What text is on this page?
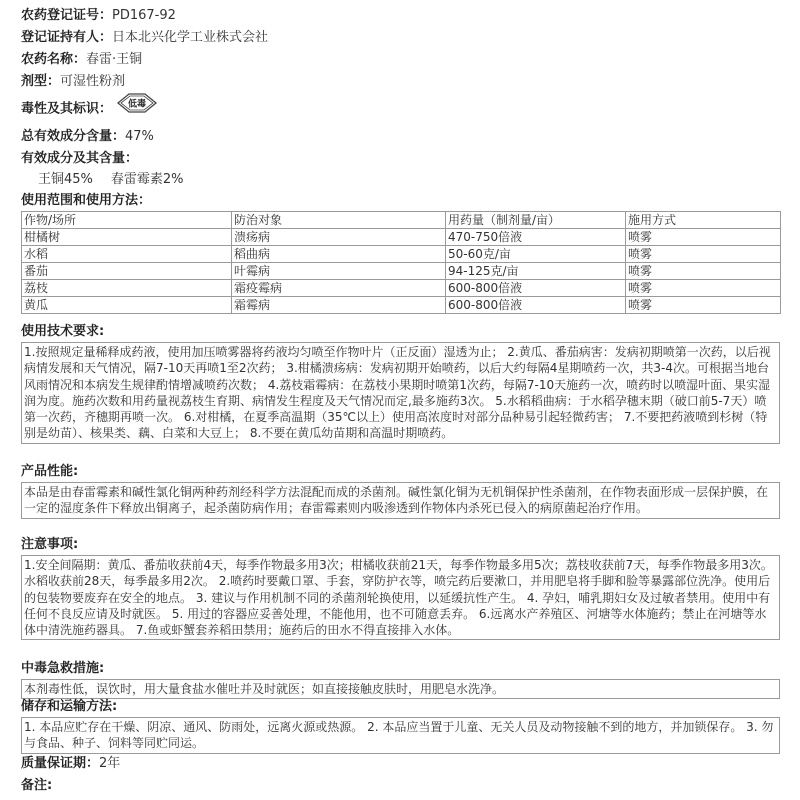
农药登记证号：PD167-92
登记证持有人：日本北兴化学工业株式会社
农药名称：春雷·王铜
剂型：可湿性粉剂
毒性及其标识： 低毒
总有效成分含量：47%
有效成分及其含量：
王铜45% 春雷霉素2%
使用范围和使用方法：
作物/场所	防治对象	用药量（制剂量/亩）	施用方式
柑橘树	溃疡病	470-750倍液	喷雾
水稻	稻曲病	50-60克/亩	喷雾
番茄	叶霉病	94-125克/亩	喷雾
荔枝	霜疫霉病	600-800倍液	喷雾
黄瓜	霜霉病	600-800倍液	喷雾
使用技术要求:
1.按照规定量稀释成药液，使用加压喷雾器将药液均匀喷至作物叶片（正反面）湿透为止； 2.黄瓜、番茄病害：发病初期喷第一次药，以后视病情发展和天气情况，隔7-10天再喷1至2次药； 3.柑橘溃疡病：发病初期开始喷药，以后大约每隔4星期喷药一次，共3-4次。可根据当地台风雨情况和本病发生规律酌情增减喷药次数； 4.荔枝霜霉病：在荔枝小果期时喷第1次药，每隔7-10天施药一次，喷药时以喷湿叶面、果实湿润为度。施药次数和用药量视荔枝生育期、病情发生程度及天气情况而定,最多施药3次。 5.水稻稻曲病：于水稻孕穗末期（破口前5-7天）喷第一次药，齐穗期再喷一次。 6.对柑橘，在夏季高温期（35℃以上）使用高浓度时对部分品种易引起轻微药害； 7.不要把药液喷到杉树（特别是幼苗）、核果类、藕、白菜和大豆上； 8.不要在黄瓜幼苗期和高温时期喷药。
产品性能:
本品是由春雷霉素和碱性氯化铜两种药剂经科学方法混配而成的杀菌剂。碱性氯化铜为无机铜保护性杀菌剂，在作物表面形成一层保护膜，在一定的湿度条件下释放出铜离子，起杀菌防病作用；春雷霉素则内吸渗透到作物体内杀死已侵入的病原菌起治疗作用。
注意事项:
1.安全间隔期：黄瓜、番茄收获前4天，每季作物最多用3次；柑橘收获前21天，每季作物最多用5次；荔枝收获前7天，每季作物最多用3次。水稻收获前28天，每季最多用2次。 2.喷药时要戴口罩、手套，穿防护衣等，喷完药后要漱口，并用肥皂将手脚和脸等暴露部位洗净。使用后的包装物要废弃在安全的地点。 3. 建议与作用机制不同的杀菌剂轮换使用，以延缓抗性产生。 4. 孕妇，哺乳期妇女及过敏者禁用。使用中有任何不良反应请及时就医。 5. 用过的容器应妥善处理，不能他用，也不可随意丢弃。 6.远离水产养殖区、河塘等水体施药；禁止在河塘等水体中清洗施药器具。 7.鱼或虾蟹套养稻田禁用；施药后的田水不得直接排入水体。
中毒急救措施:
本剂毒性低，误饮时，用大量食盐水催吐并及时就医；如直接接触皮肤时，用肥皂水洗净。
储存和运输方法:
1. 本品应贮存在干燥、阴凉、通风、防雨处，远离火源或热源。 2. 本品应当置于儿童、无关人员及动物接触不到的地方，并加锁保存。 3. 勿与食品、种子、饲料等同贮同运。
质量保证期：2年
备注:
